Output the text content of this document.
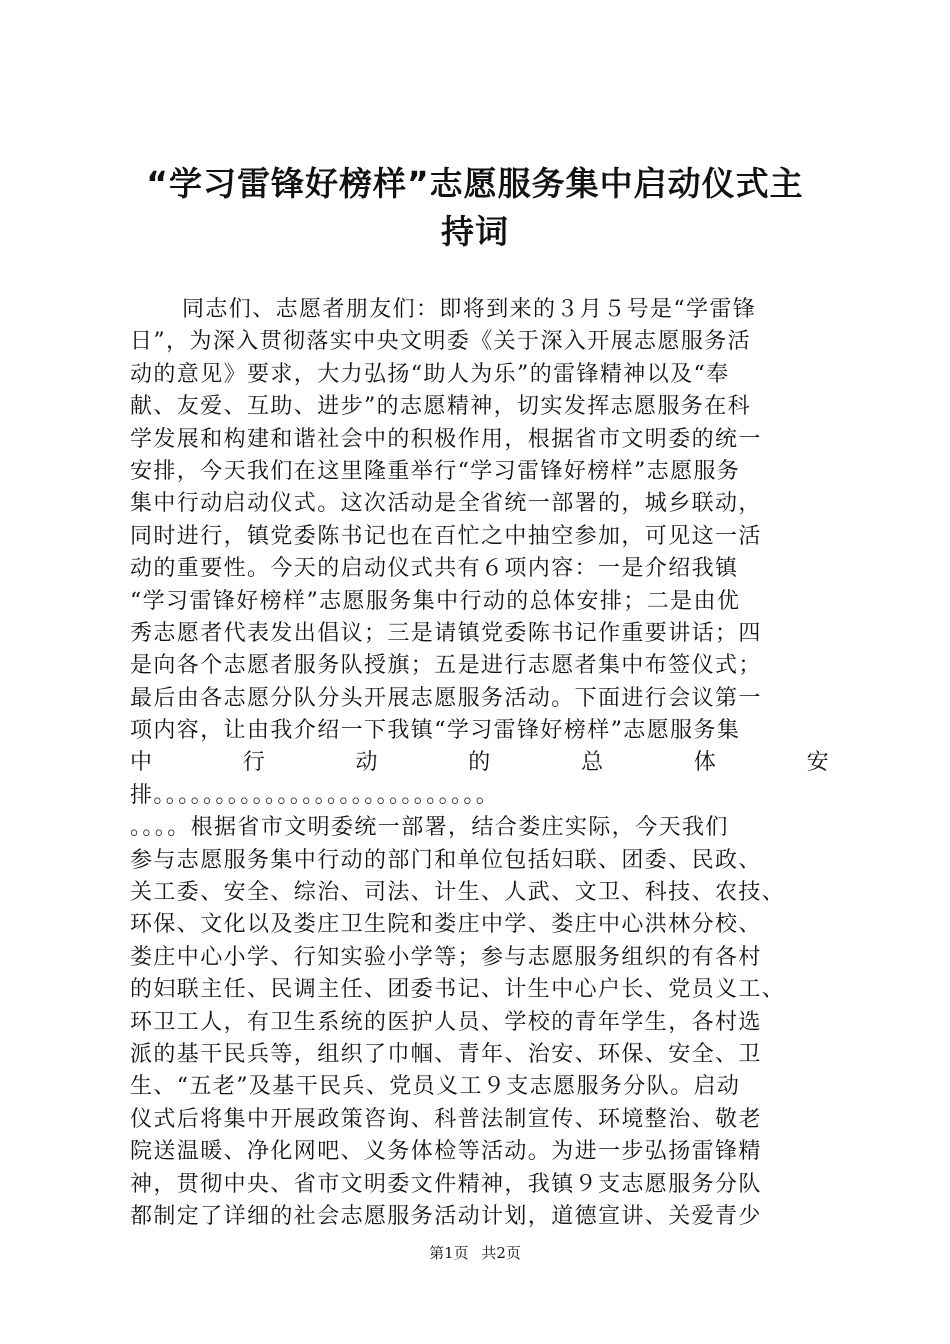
“学习雷锋好榜样”志愿服务集中启动仪式主
持词
同志们、志愿者朋友们：即将到来的３月５号是“学雷锋
日”，为深入贯彻落实中央文明委《关于深入开展志愿服务活
动的意见》要求，大力弘扬“助人为乐”的雷锋精神以及“奉
献、友爱、互助、进步”的志愿精神，切实发挥志愿服务在科
学发展和构建和谐社会中的积极作用，根据省市文明委的统一
安排，今天我们在这里隆重举行“学习雷锋好榜样”志愿服务
集中行动启动仪式。这次活动是全省统一部署的，城乡联动，
同时进行，镇党委陈书记也在百忙之中抽空参加，可见这一活
动的重要性。今天的启动仪式共有６项内容：一是介绍我镇
“学习雷锋好榜样”志愿服务集中行动的总体安排；二是由优
秀志愿者代表发出倡议；三是请镇党委陈书记作重要讲话；四
是向各个志愿者服务队授旗；五是进行志愿者集中布签仪式；
最后由各志愿分队分头开展志愿服务活动。下面进行会议第一
项内容，让由我介绍一下我镇“学习雷锋好榜样”志愿服务集
中	行	动	的	总	体	安
排。。。。。。。。。。。。。。。。。。。。。。。。。。。
。。。。根据省市文明委统一部署，结合娄庄实际，今天我们
参与志愿服务集中行动的部门和单位包括妇联、团委、民政、
关工委、安全、综治、司法、计生、人武、文卫、科技、农技、
环保、文化以及娄庄卫生院和娄庄中学、娄庄中心洪林分校、
娄庄中心小学、行知实验小学等；参与志愿服务组织的有各村
的妇联主任、民调主任、团委书记、计生中心户长、党员义工、
环卫工人，有卫生系统的医护人员、学校的青年学生，各村选
派的基干民兵等，组织了巾帼、青年、治安、环保、安全、卫
生、“五老”及基干民兵、党员义工９支志愿服务分队。启动
仪式后将集中开展政策咨询、科普法制宣传、环境整治、敬老
院送温暖、净化网吧、义务体检等活动。为进一步弘扬雷锋精
神，贯彻中央、省市文明委文件精神，我镇９支志愿服务分队
都制定了详细的社会志愿服务活动计划，道德宣讲、关爱青少
第1页 共2页
